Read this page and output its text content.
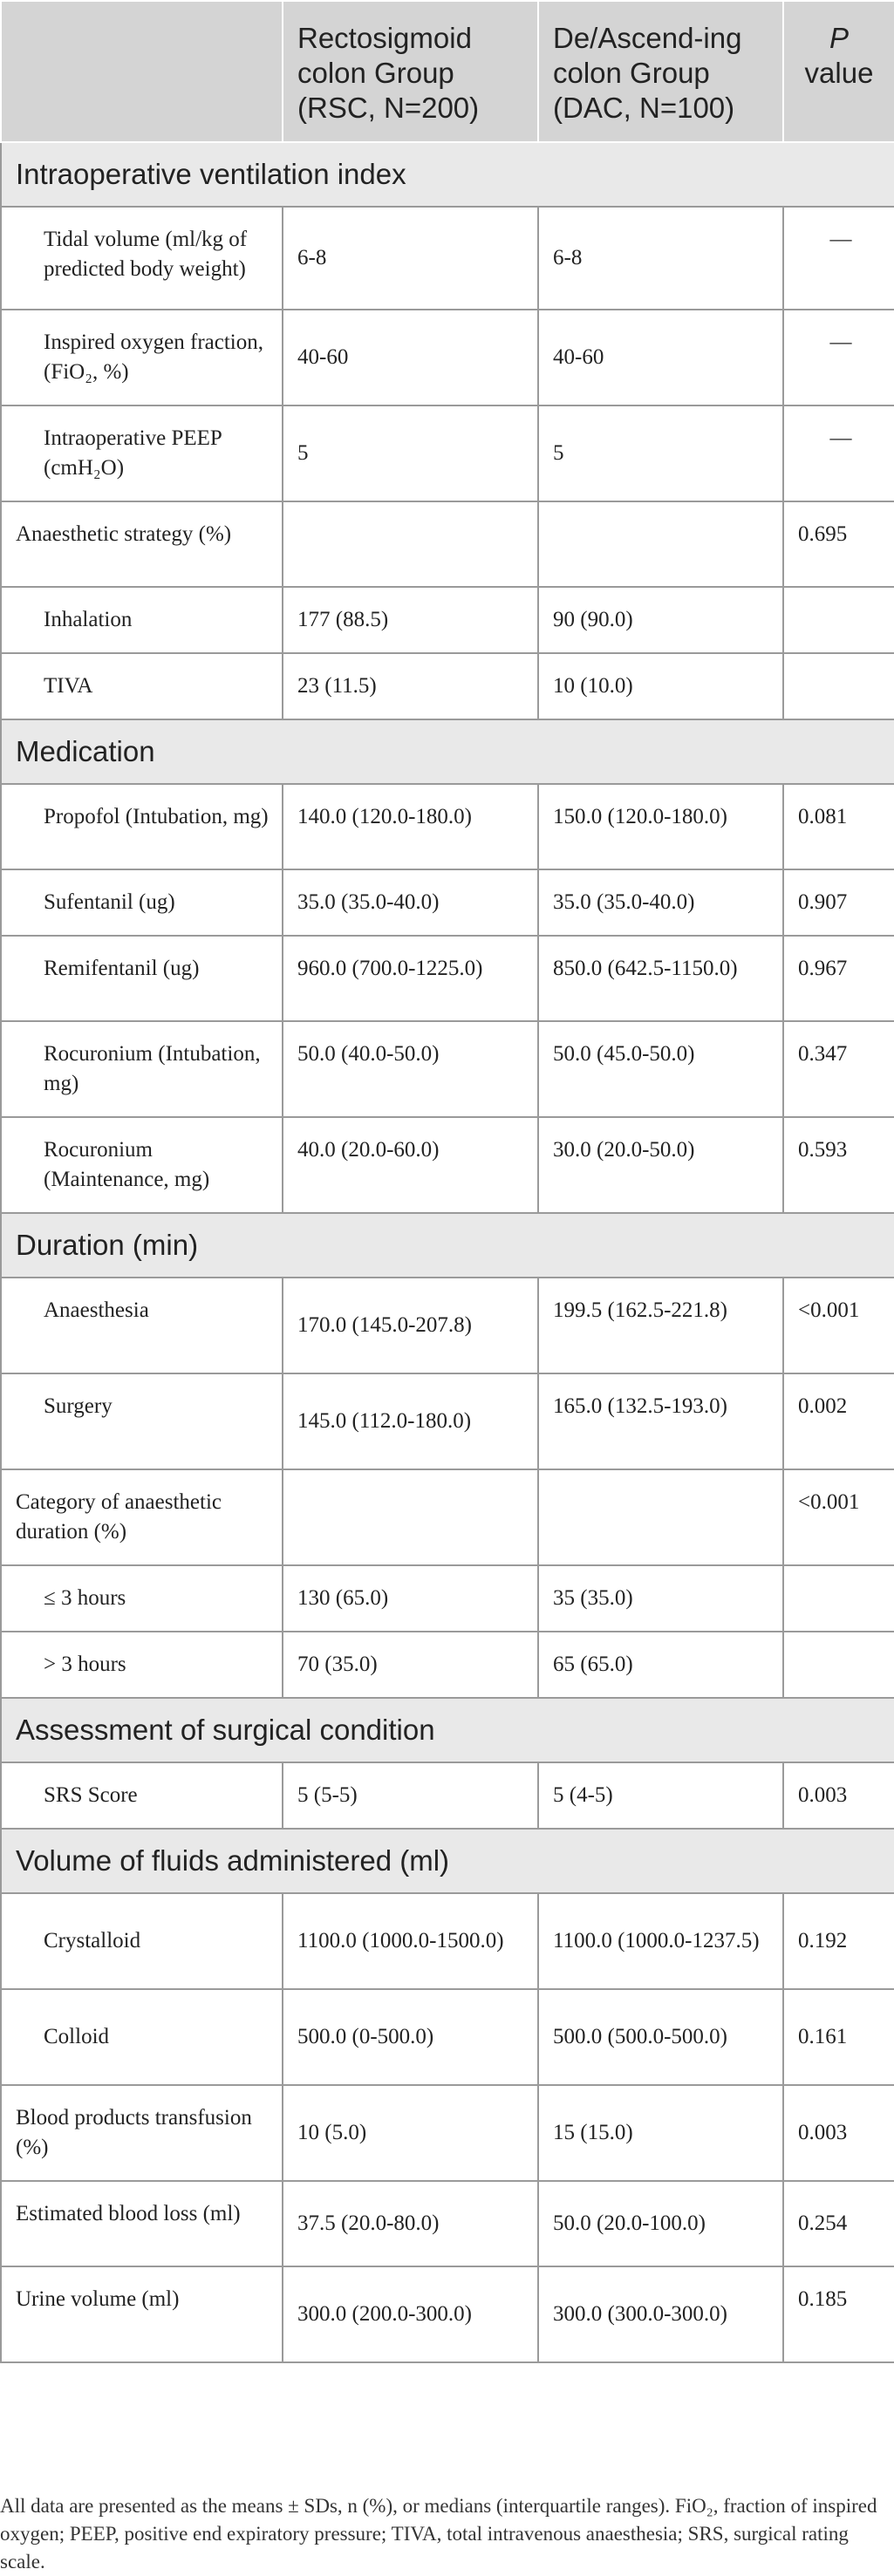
	Rectosigmoid colon Group (RSC, N=200)	De/Ascend-ing colon Group (DAC, N=100)	P
value
Intraoperative ventilation index			
Tidal volume (ml/kg of predicted body weight)	6-8	6-8	—
Inspired oxygen fraction, (FiO₂, %)	40-60	40-60	—
Intraoperative PEEP (cmH₂O)	5	5	—
Anaesthetic strategy (%)			0.695
Inhalation	177 (88.5)	90 (90.0)	
TIVA	23 (11.5)	10 (10.0)	
Medication			
Propofol (Intubation, mg)	140.0 (120.0-180.0)	150.0 (120.0-180.0)	0.081
Sufentanil (ug)	35.0 (35.0-40.0)	35.0 (35.0-40.0)	0.907
Remifentanil (ug)	960.0 (700.0-1225.0)	850.0 (642.5-1150.0)	0.967
Rocuronium (Intubation, mg)	50.0 (40.0-50.0)	50.0 (45.0-50.0)	0.347
Rocuronium (Maintenance, mg)	40.0 (20.0-60.0)	30.0 (20.0-50.0)	0.593
Duration (min)			
Anaesthesia	170.0 (145.0-207.8)	199.5 (162.5-221.8)	<0.001
Surgery	145.0 (112.0-180.0)	165.0 (132.5-193.0)	0.002
Category of anaesthetic duration (%)			<0.001
≤ 3 hours	130 (65.0)	35 (35.0)	
> 3 hours	70 (35.0)	65 (65.0)	
Assessment of surgical condition			
SRS Score	5 (5-5)	5 (4-5)	0.003
Volume of fluids administered (ml)			
Crystalloid	1100.0 (1000.0-1500.0)	1100.0 (1000.0-1237.5)	0.192
Colloid	500.0 (0-500.0)	500.0 (500.0-500.0)	0.161
Blood products transfusion (%)	10 (5.0)	15 (15.0)	0.003
Estimated blood loss (ml)	37.5 (20.0-80.0)	50.0 (20.0-100.0)	0.254
Urine volume (ml)	300.0 (200.0-300.0)	300.0 (300.0-300.0)	0.185
All data are presented as the means ± SDs, n (%), or medians (interquartile ranges). FiO₂, fraction of inspired oxygen; PEEP, positive end expiratory pressure; TIVA, total intravenous anaesthesia; SRS, surgical rating scale.
